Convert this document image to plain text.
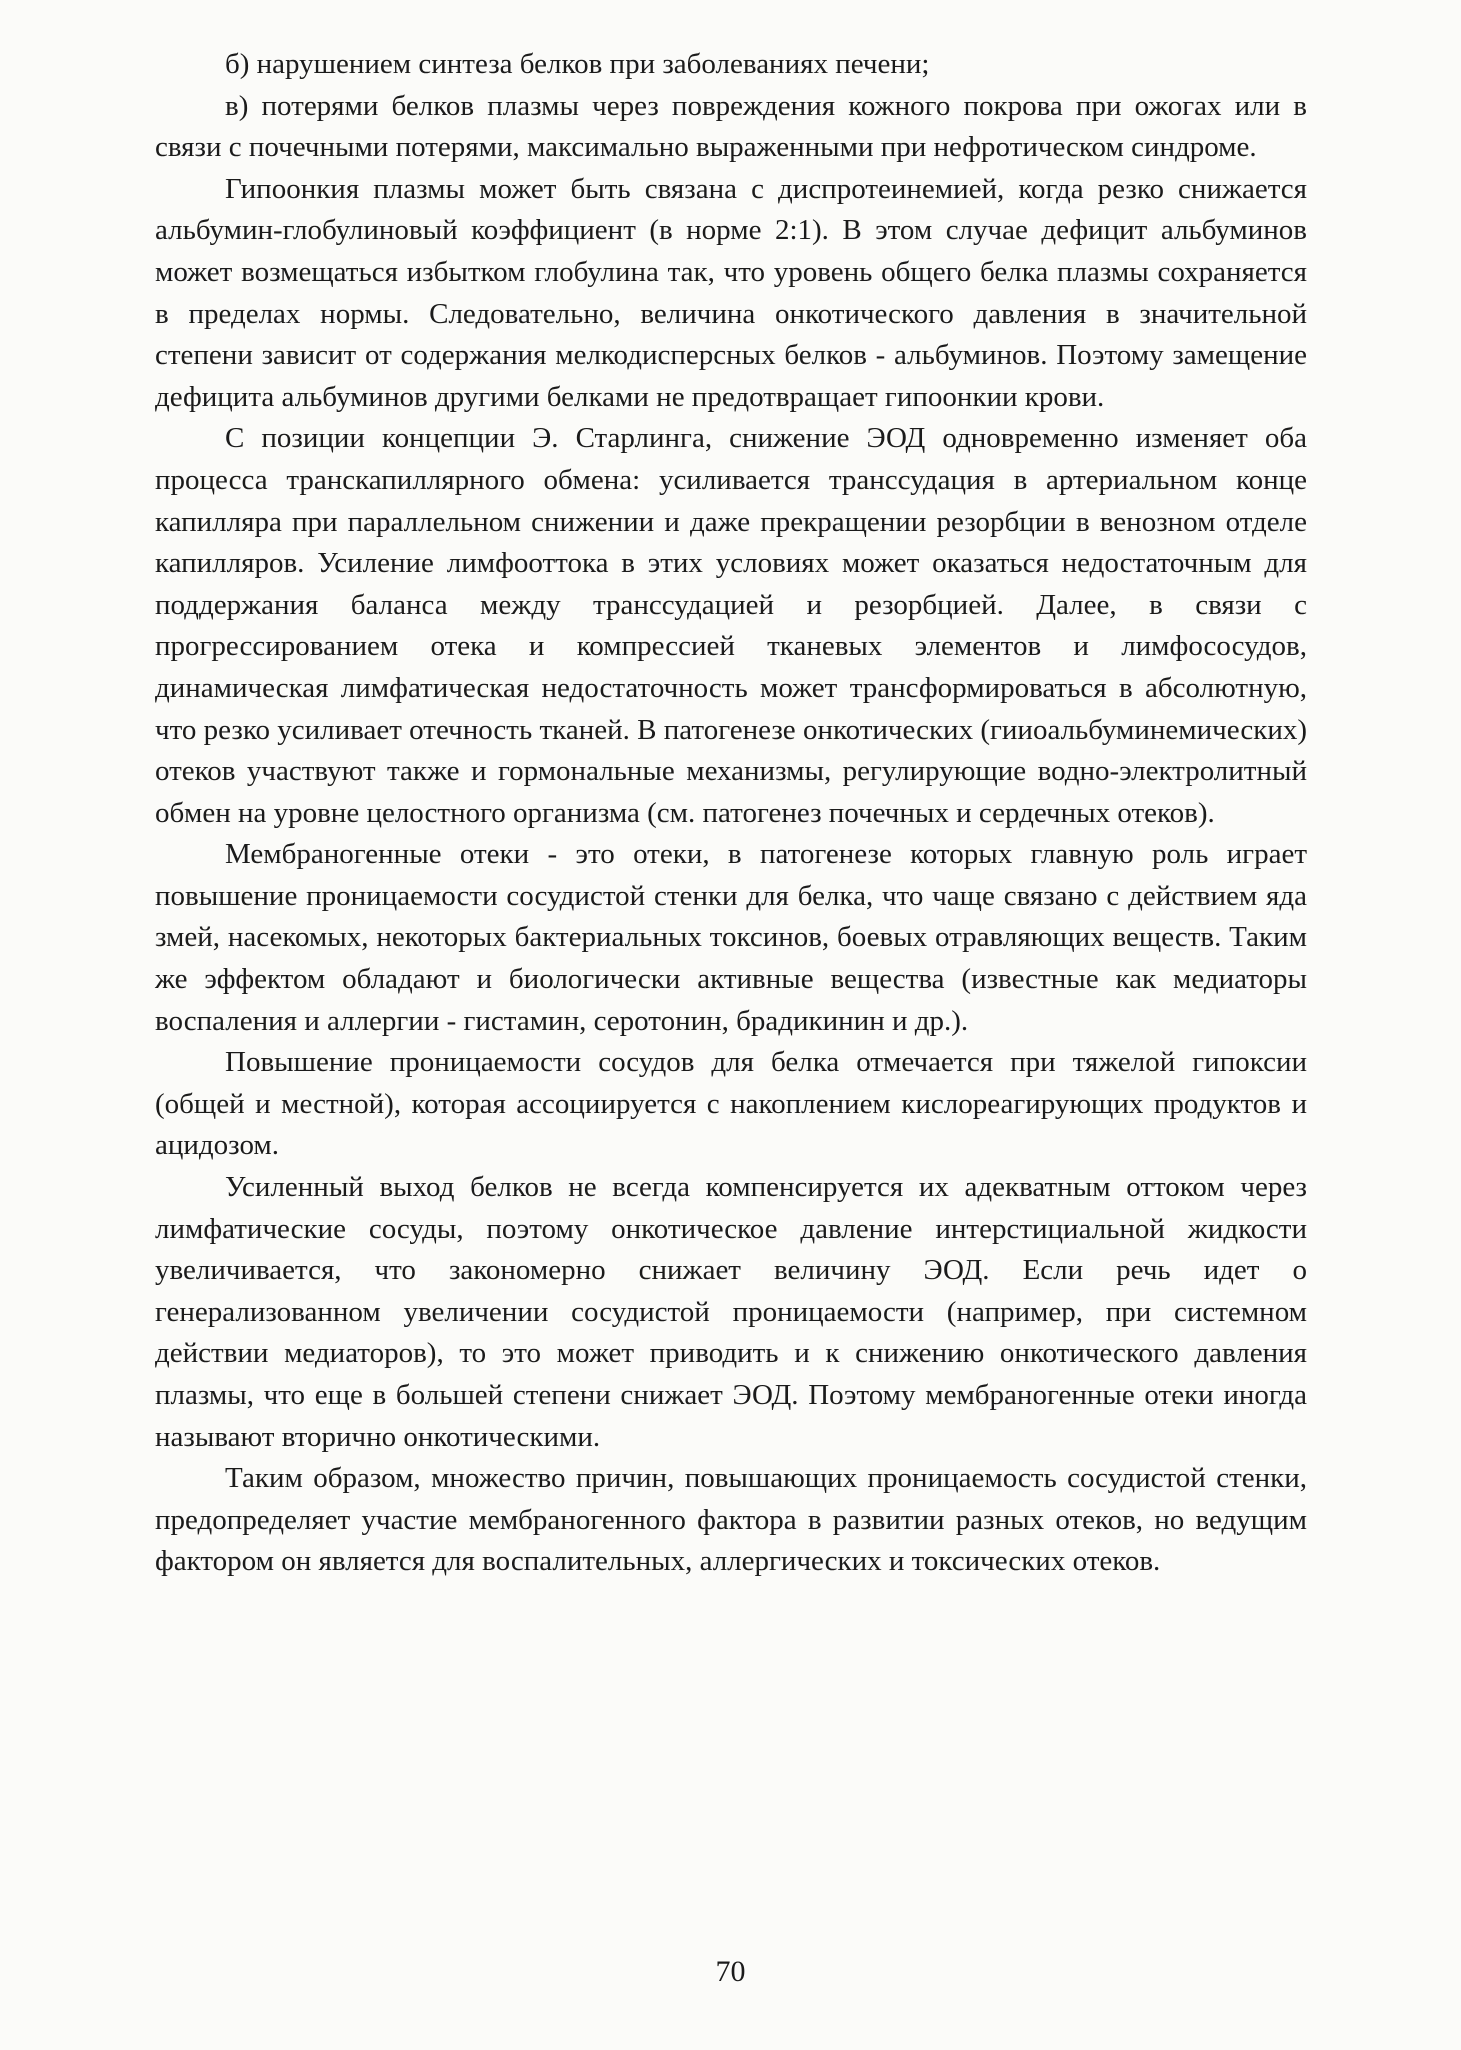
б) нарушением синтеза белков при заболеваниях печени;

в) потерями белков плазмы через повреждения кожного покрова при ожогах или в связи с почечными потерями, максимально выраженными при нефротическом синдроме.

Гипоонкия плазмы может быть связана с диспротеинемией, когда резко снижается альбумин-глобулиновый коэффициент (в норме 2:1). В этом случае дефицит альбуминов может возмещаться избытком глобулина так, что уровень общего белка плазмы сохраняется в пределах нормы. Следовательно, величина онкотического давления в значительной степени зависит от содержания мелкодисперсных белков - альбуминов. Поэтому замещение дефицита альбуминов другими белками не предотвращает гипоонкии крови.

С позиции концепции Э. Старлинга, снижение ЭОД одновременно изменяет оба процесса транскапиллярного обмена: усиливается транссудация в артериальном конце капилляра при параллельном снижении и даже прекращении резорбции в венозном отделе капилляров. Усиление лимфооттока в этих условиях может оказаться недостаточным для поддержания баланса между транссудацией и резорбцией. Далее, в связи с прогрессированием отека и компрессией тканевых элементов и лимфососудов, динамическая лимфатическая недостаточность может трансформироваться в абсолютную, что резко усиливает отечность тканей. В патогенезе онкотических (гииоальбуминемических) отеков участвуют также и гормональные механизмы, регулирующие водно-электролитный обмен на уровне целостного организма (см. патогенез почечных и сердечных отеков).

Мембраногенные отеки - это отеки, в патогенезе которых главную роль играет повышение проницаемости сосудистой стенки для белка, что чаще связано с действием яда змей, насекомых, некоторых бактериальных токсинов, боевых отравляющих веществ. Таким же эффектом обладают и биологически активные вещества (известные как медиаторы воспаления и аллергии - гистамин, серотонин, брадикинин и др.).

Повышение проницаемости сосудов для белка отмечается при тяжелой гипоксии (общей и местной), которая ассоциируется с накоплением кислореагирующих продуктов и ацидозом.

Усиленный выход белков не всегда компенсируется их адекватным оттоком через лимфатические сосуды, поэтому онкотическое давление интерстициальной жидкости увеличивается, что закономерно снижает величину ЭОД. Если речь идет о генерализованном увеличении сосудистой проницаемости (например, при системном действии медиаторов), то это может приводить и к снижению онкотического давления плазмы, что еще в большей степени снижает ЭОД. Поэтому мембраногенные отеки иногда называют вторично онкотическими.

Таким образом, множество причин, повышающих проницаемость сосудистой стенки, предопределяет участие мембраногенного фактора в развитии разных отеков, но ведущим фактором он является для воспалительных, аллергических и токсических отеков.

70
